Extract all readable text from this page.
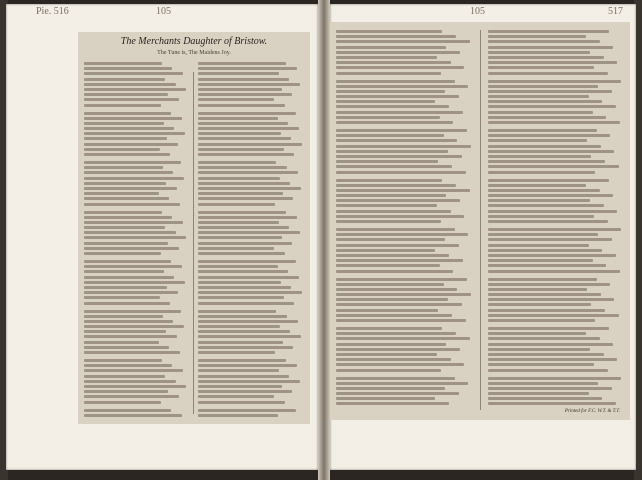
Pie. 516	105
The Merchants Daughter of Bristow.
The Tune is, The Maidens Joy.
105	517
Printed for F.C. W.T. & T.T.
